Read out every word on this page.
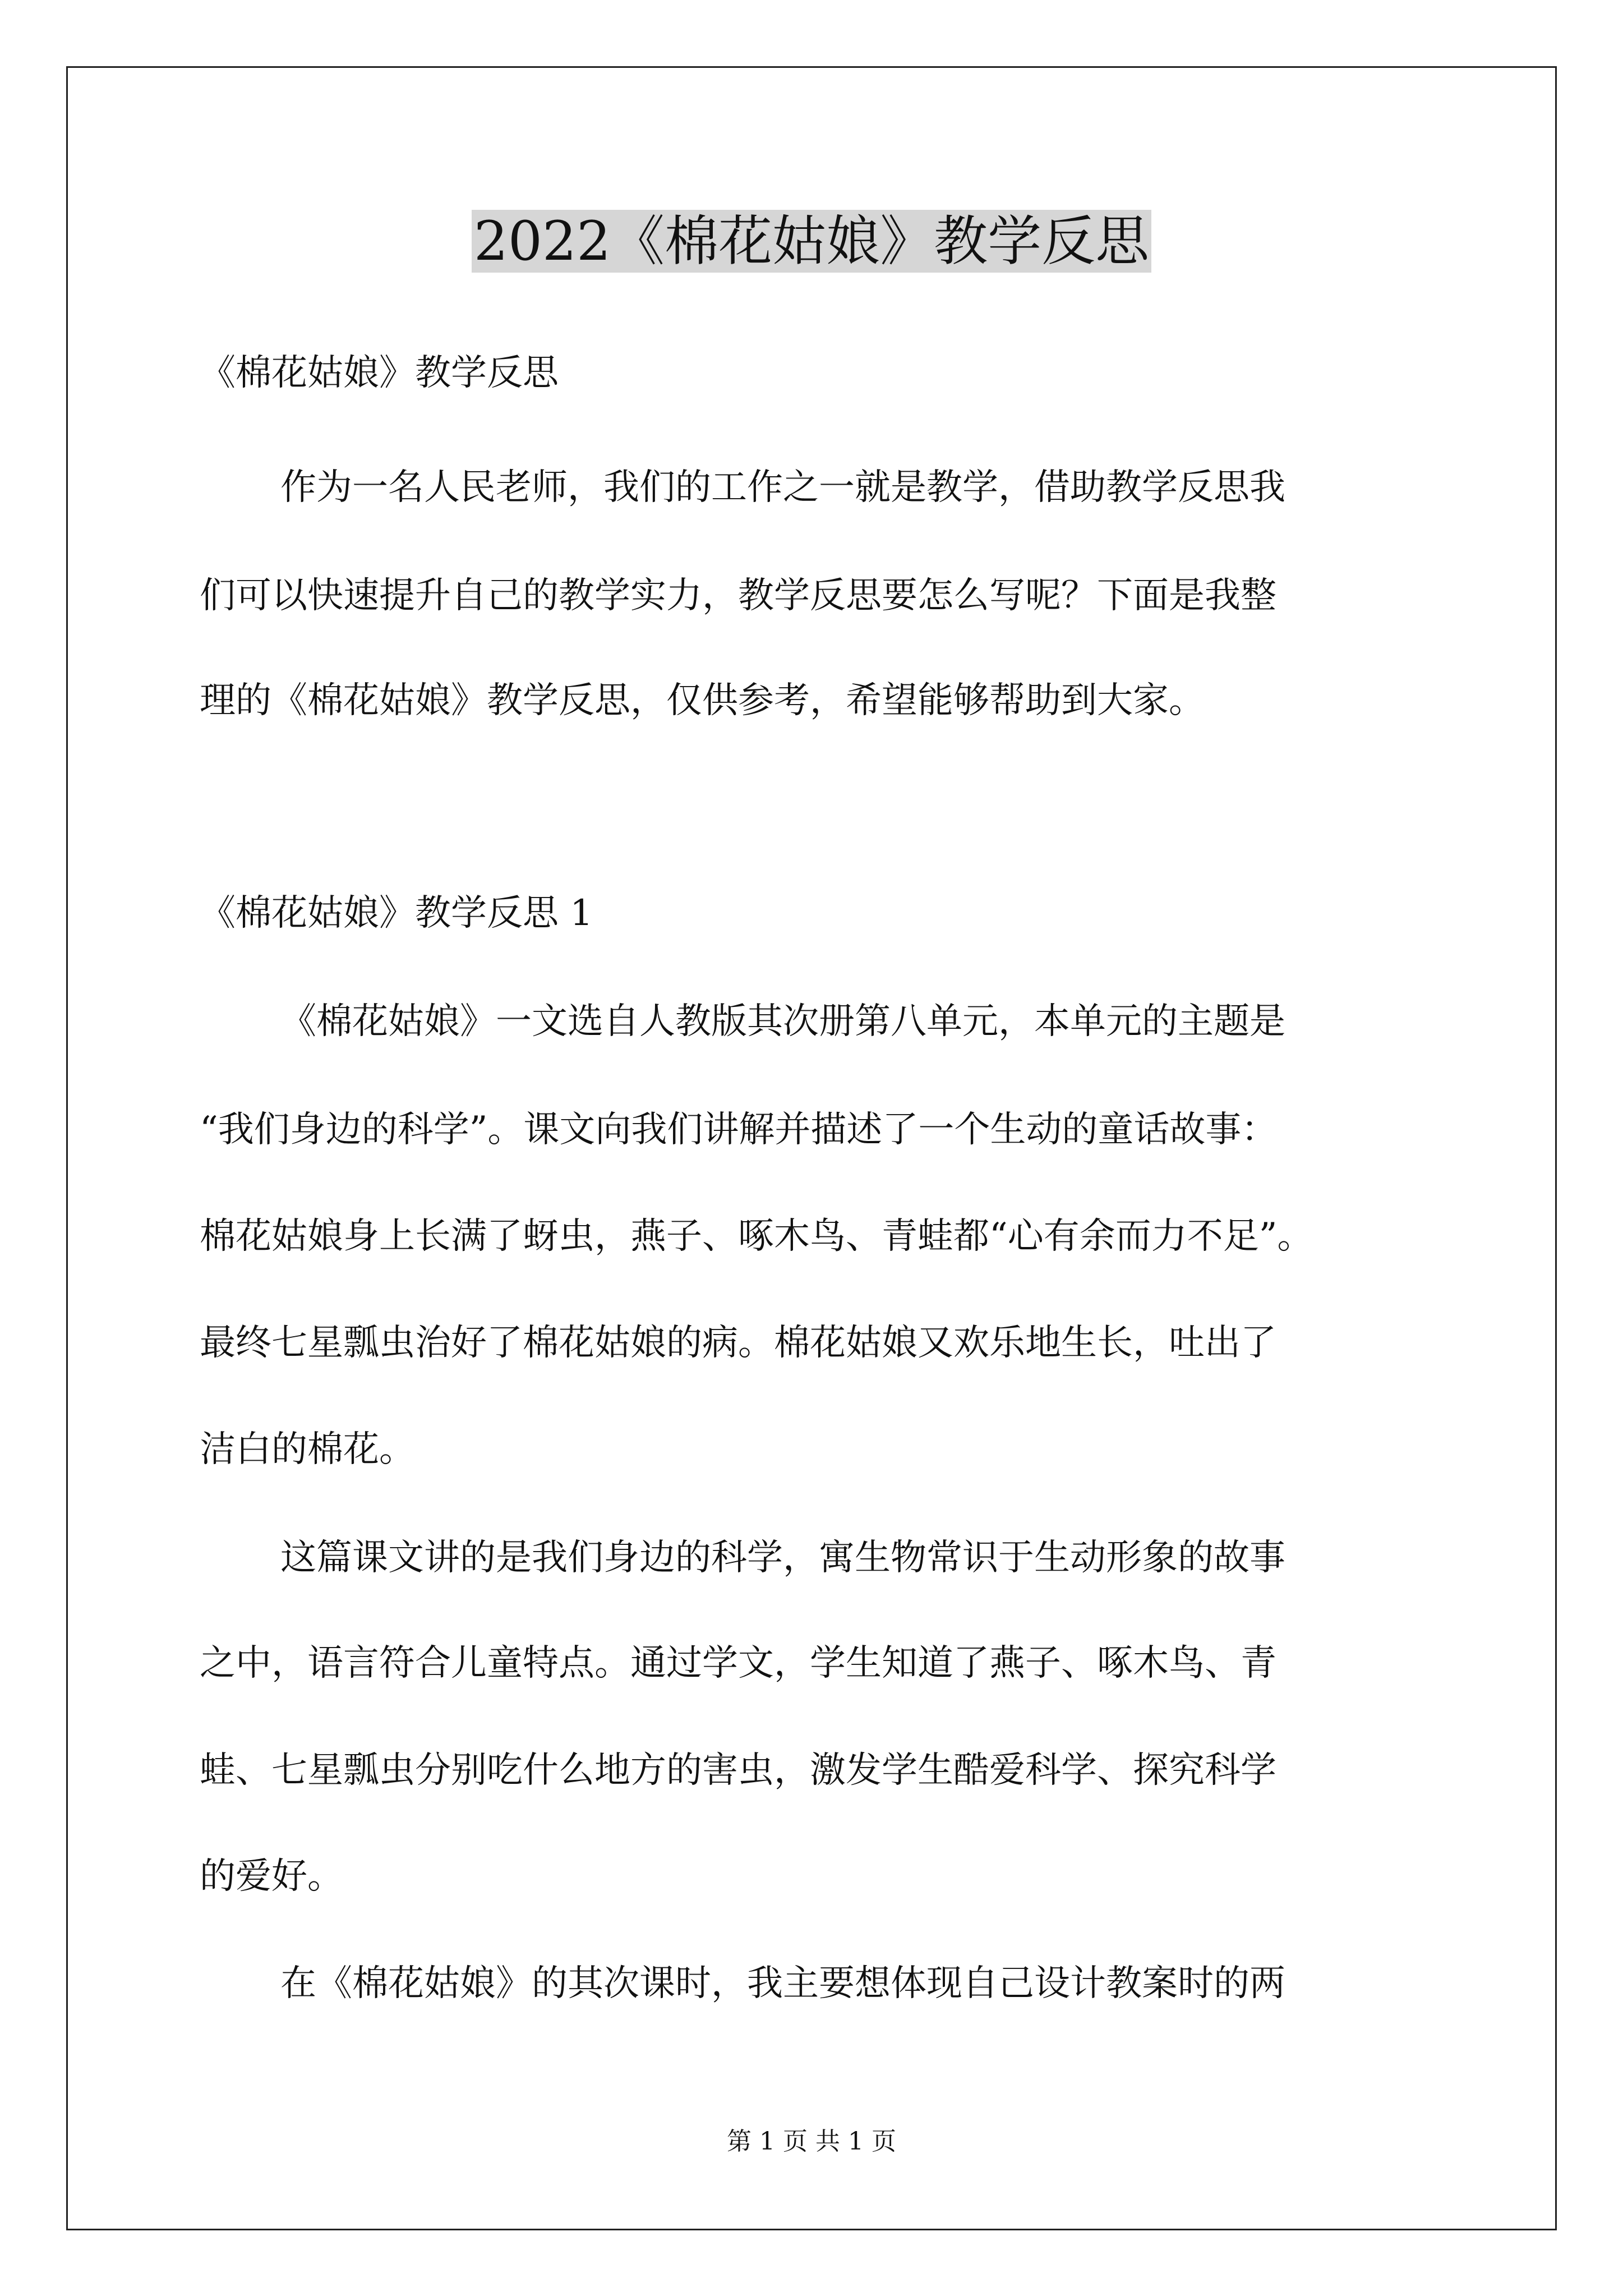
2022《棉花姑娘》教学反思

《棉花姑娘》教学反思

作为一名人民老师，我们的工作之一就是教学，借助教学反思我

们可以快速提升自己的教学实力，教学反思要怎么写呢？下面是我整

理的《棉花姑娘》教学反思，仅供参考，希望能够帮助到大家。

《棉花姑娘》教学反思 1

《棉花姑娘》一文选自人教版其次册第八单元，本单元的主题是

“我们身边的科学”。课文向我们讲解并描述了一个生动的童话故事：

棉花姑娘身上长满了蚜虫，燕子、啄木鸟、青蛙都“心有余而力不足”。

最终七星瓢虫治好了棉花姑娘的病。棉花姑娘又欢乐地生长，吐出了

洁白的棉花。

这篇课文讲的是我们身边的科学，寓生物常识于生动形象的故事

之中，语言符合儿童特点。通过学文，学生知道了燕子、啄木鸟、青

蛙、七星瓢虫分别吃什么地方的害虫，激发学生酷爱科学、探究科学

的爱好。

在《棉花姑娘》的其次课时，我主要想体现自己设计教案时的两

第 1 页 共 1 页
